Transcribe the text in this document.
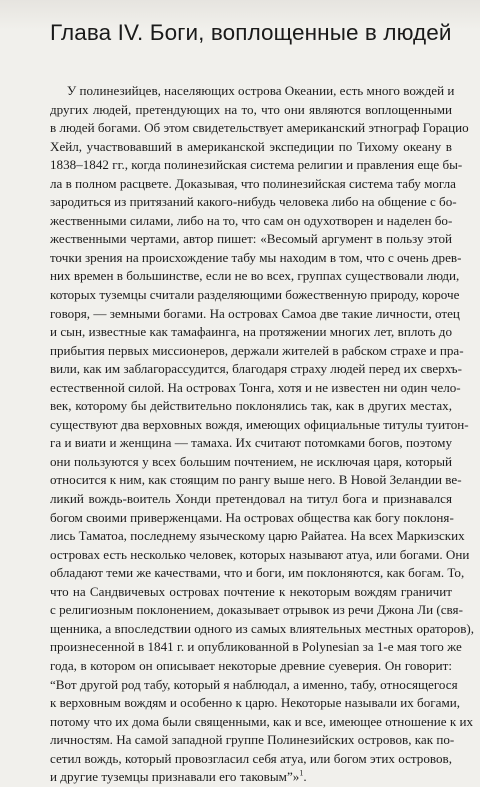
Глава IV. Боги, воплощенные в людей
У полинезийцев, населяющих острова Океании, есть много вождей и
других людей, претендующих на то, что они являются воплощенными
в людей богами. Об этом свидетельствует американский этнограф Горацио
Хейл, участвовавший в американской экспедиции по Тихому океану в
1838–1842 гг., когда полинезийская система религии и правления еще бы-
ла в полном расцвете. Доказывая, что полинезийская система табу могла
зародиться из притязаний какого-нибудь человека либо на общение с бо-
жественными силами, либо на то, что сам он одухотворен и наделен бо-
жественными чертами, автор пишет: «Весомый аргумент в пользу этой
точки зрения на происхождение табу мы находим в том, что с очень древ-
них времен в большинстве, если не во всех, группах существовали люди,
которых туземцы считали разделяющими божественную природу, короче
говоря, — земными богами. На островах Самоа две такие личности, отец
и сын, известные как тамафаинга, на протяжении многих лет, вплоть до
прибытия первых миссионеров, держали жителей в рабском страхе и пра-
вили, как им заблагорассудится, благодаря страху людей перед их сверхъ-
естественной силой. На островах Тонга, хотя и не известен ни один чело-
век, которому бы действительно поклонялись так, как в других местах,
существуют два верховных вождя, имеющих официальные титулы туитон-
га и виати и женщина — тамаха. Их считают потомками богов, поэтому
они пользуются у всех большим почтением, не исключая царя, который
относится к ним, как стоящим по рангу выше него. В Новой Зеландии ве-
ликий вождь-воитель Хонди претендовал на титул бога и признавался
богом своими приверженцами. На островах общества как богу поклоня-
лись Таматоа, последнему языческому царю Райатеа. На всех Маркизских
островах есть несколько человек, которых называют атуа, или богами. Они
обладают теми же качествами, что и боги, им поклоняются, как богам. То,
что на Сандвичевых островах почтение к некоторым вождям граничит
с религиозным поклонением, доказывает отрывок из речи Джона Ли (свя-
щенника, а впоследствии одного из самых влиятельных местных ораторов),
произнесенной в 1841 г. и опубликованной в Polynesian за 1-е мая того же
года, в котором он описывает некоторые древние суеверия. Он говорит:
“Вот другой род табу, который я наблюдал, а именно, табу, относящегося
к верховным вождям и особенно к царю. Некоторые называли их богами,
потому что их дома были священными, как и все, имеющее отношение к их
личностям. На самой западной группе Полинезийских островов, как по-
сетил вождь, который провозгласил себя атуа, или богом этих островов,
и другие туземцы признавали его таковым”»$^1$.
